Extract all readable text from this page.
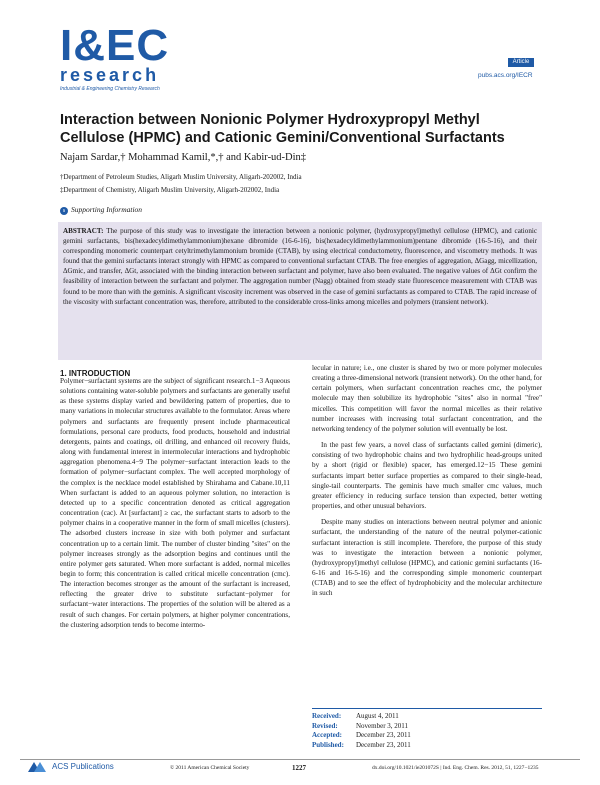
I&EC
research
Industrial & Engineering Chemistry Research
Article
pubs.acs.org/IECR
Interaction between Nonionic Polymer Hydroxypropyl Methyl Cellulose (HPMC) and Cationic Gemini/Conventional Surfactants
Najam Sardar,† Mohammad Kamil,*,† and Kabir-ud-Din‡
†Department of Petroleum Studies, Aligarh Muslim University, Aligarh-202002, India
‡Department of Chemistry, Aligarh Muslim University, Aligarh-202002, India
s Supporting Information
ABSTRACT: The purpose of this study was to investigate the interaction between a nonionic polymer, (hydroxypropyl)methyl cellulose (HPMC), and cationic gemini surfactants, bis(hexadecyldimethylammonium)hexane dibromide (16-6-16), bis(hexadecyldimethylammonium)pentane dibromide (16-5-16), and their corresponding monomeric counterpart cetyltrimethylammonium bromide (CTAB), by using electrical conductometry, fluorescence, and viscometry methods. It was found that the gemini surfactants interact strongly with HPMC as compared to conventional surfactant CTAB. The free energies of aggregation, ΔGagg, micellization, ΔGmic, and transfer, ΔGt, associated with the binding interaction between surfactant and polymer, have also been evaluated. The negative values of ΔGt confirm the feasibility of interaction between the surfactant and polymer. The aggregation number (Nagg) obtained from steady state fluorescence measurement with CTAB was found to be more than with the geminis. A significant viscosity increment was observed in the case of gemini surfactants as compared to CTAB. The rapid increase of the viscosity with surfactant concentration was, therefore, attributed to the considerable cross-links among micelles and polymers (transient network).
1. INTRODUCTION

Polymer−surfactant systems are the subject of significant research.1−3 Aqueous solutions containing water-soluble polymers and surfactants are generally useful as these systems display varied and bewildering pattern of properties, due to many variations in molecular structures available to the formulator. Areas where polymers and surfactants are frequently present include pharmaceutical formulations, personal care products, food products, household and industrial detergents, paints and coatings, oil drilling, and enhanced oil recovery fluids, along with fundamental interest in intermolecular interactions and hydrophobic aggregation phenomena.4−9 The polymer−surfactant interaction leads to the formation of polymer−surfactant complex. The well accepted morphology of the complex is the necklace model established by Shirahama and Cabane.10,11 When surfactant is added to an aqueous polymer solution, no interaction is detected up to a specific concentration denoted as critical aggregation concentration (cac). At [surfactant] ≥ cac, the surfactant starts to adsorb to the polymer chains in a cooperative manner in the form of small micelles (clusters). The adsorbed clusters increase in size with both polymer and surfactant concentration up to a certain limit. The number of cluster binding "sites" on the polymer increases strongly as the adsorption begins and continues until the entire polymer gets saturated. When more surfactant is added, normal micelles begin to form; this concentration is called critical micelle concentration (cmc). The interaction becomes stronger as the amount of the surfactant is increased, reflecting the greater drive to substitute surfactant−polymer for surfactant−water interactions. The properties of the solution will be altered as a result of such changes. For certain polymers, at higher polymer concentrations, the clustering adsorption tends to become intermo-

lecular in nature; i.e., one cluster is shared by two or more polymer molecules creating a three-dimensional network (transient network). On the other hand, for certain polymers, when surfactant concentration reaches cmc, the polymer molecule may then solubilize its hydrophobic "sites" also in normal "free" micelles. This competition will favor the normal micelles as their relative number increases with increasing total surfactant concentration, and the networking tendency of the polymer solution will eventually be lost.

In the past few years, a novel class of surfactants called gemini (dimeric), consisting of two hydrophobic chains and two hydrophilic head-groups united by a short (rigid or flexible) spacer, has emerged.12−15 These gemini surfactants impart better surface properties as compared to their single-head, single-tail counterparts. The geminis have much smaller cmc values, much greater efficiency in reducing surface tension than expected, better wetting properties, and other unusual behaviors.

Despite many studies on interactions between neutral polymer and anionic surfactant, the understanding of the nature of the neutral polymer-cationic surfactant interaction is still incomplete. Therefore, the purpose of this study was to investigate the interaction between a nonionic polymer, (hydroxypropyl)methyl cellulose (HPMC), and cationic gemini surfactants (16-6-16 and 16-5-16) and the corresponding simple monomeric counterpart (CTAB) and to see the effect of hydrophobicity and the molecular architecture in such

Received: August 4, 2011
Revised:	November 3, 2011
Accepted: December 23, 2011
Published: December 23, 2011
ACS Publications	© 2011 American Chemical Society	1227	dx.doi.org/10.1021/ie201072S | Ind. Eng. Chem. Res. 2012, 51, 1227−1235
